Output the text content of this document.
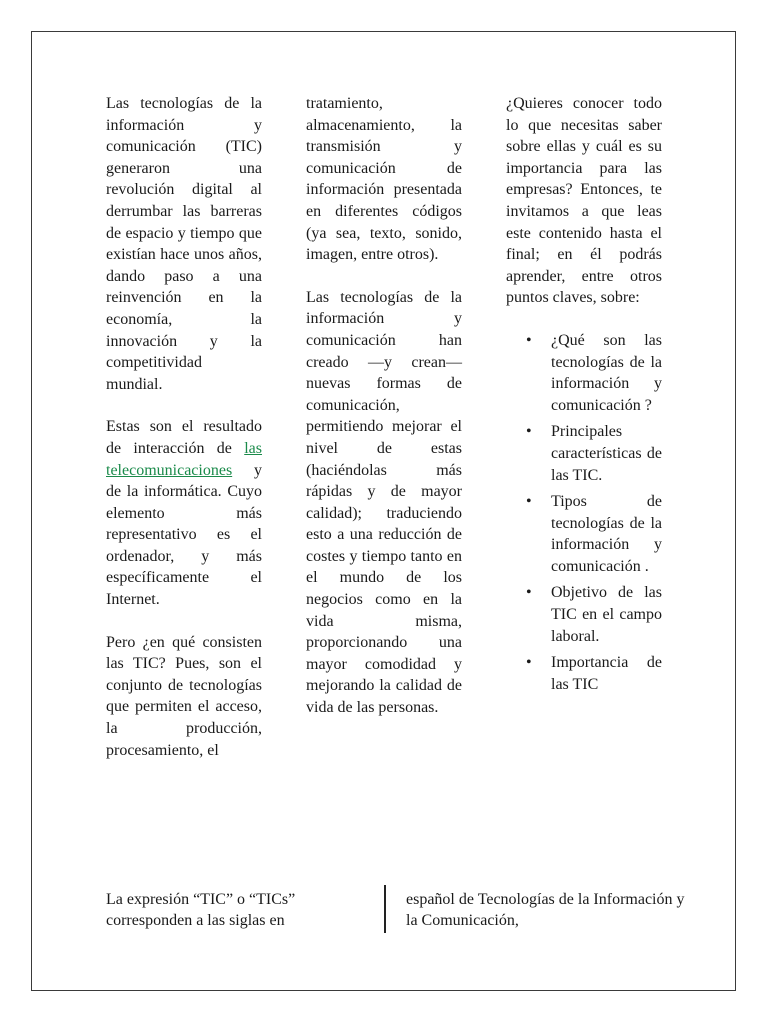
Las tecnologías de la información y comunicación (TIC) generaron una revolución digital al derrumbar las barreras de espacio y tiempo que existían hace unos años, dando paso a una reinvención en la economía, la innovación y la competitividad mundial.

Estas son el resultado de interacción de las telecomunicaciones y de la informática. Cuyo elemento más representativo es el ordenador, y más específicamente el Internet.

Pero ¿en qué consisten las TIC? Pues, son el conjunto de tecnologías que permiten el acceso, la producción, procesamiento, el

tratamiento, almacenamiento, la transmisión y comunicación de información presentada en diferentes códigos (ya sea, texto, sonido, imagen, entre otros).

Las tecnologías de la información y comunicación han creado —y crean— nuevas formas de comunicación, permitiendo mejorar el nivel de estas (haciéndolas más rápidas y de mayor calidad); traduciendo esto a una reducción de costes y tiempo tanto en el mundo de los negocios como en la vida misma, proporcionando una mayor comodidad y mejorando la calidad de vida de las personas.

¿Quieres conocer todo lo que necesitas saber sobre ellas y cuál es su importancia para las empresas? Entonces, te invitamos a que leas este contenido hasta el final; en él podrás aprender, entre otros puntos claves, sobre:

• ¿Qué son las tecnologías de la información y comunicación ?
• Principales características de las TIC.
• Tipos de tecnologías de la información y comunicación .
• Objetivo de las TIC en el campo laboral.
• Importancia de las TIC
La expresión “TIC” o “TICs” corresponden a las siglas en
español de Tecnologías de la Información y la Comunicación,
